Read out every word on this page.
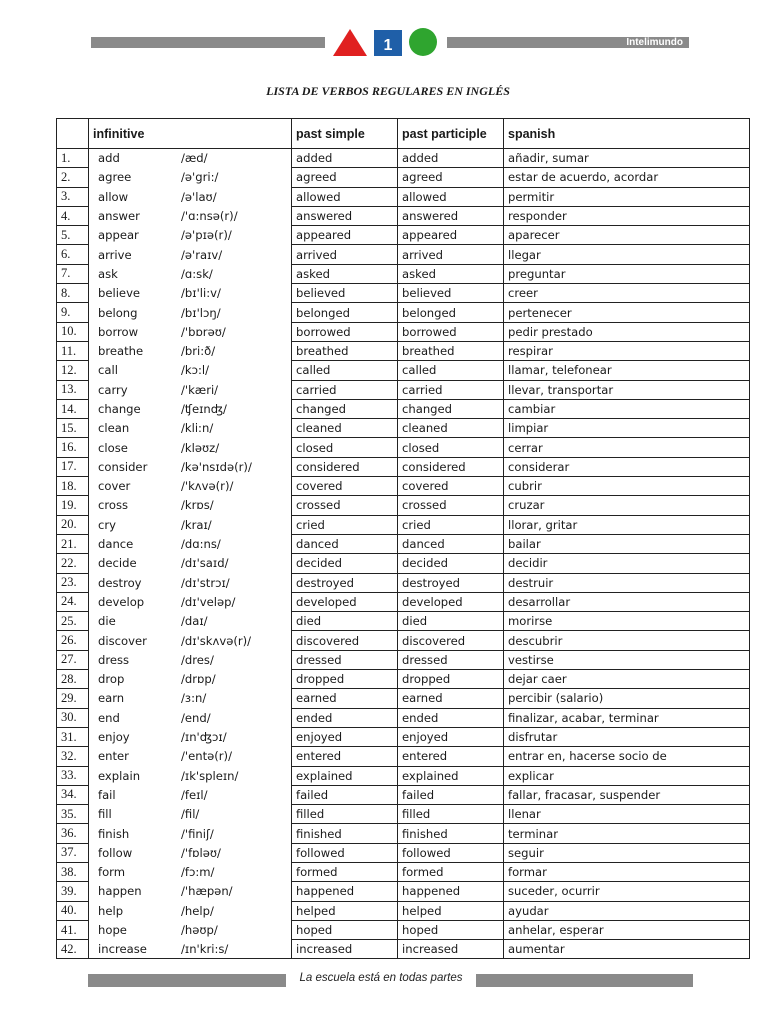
1	Intelimundo
LISTA DE VERBOS REGULARES EN INGLÉS
	infinitive	past simple	past participle	spanish
1.	add /æd/	added	added	añadir, sumar
2.	agree /ə'gri:/	agreed	agreed	estar de acuerdo, acordar
3.	allow /ə'laʊ/	allowed	allowed	permitir
4.	answer /'ɑ:nsə(r)/	answered	answered	responder
5.	appear /ə'pɪə(r)/	appeared	appeared	aparecer
6.	arrive /ə'raɪv/	arrived	arrived	llegar
7.	ask /ɑ:sk/	asked	asked	preguntar
8.	believe /bɪ'li:v/	believed	believed	creer
9.	belong /bɪ'lɔŋ/	belonged	belonged	pertenecer
10.	borrow /'bɒrəʊ/	borrowed	borrowed	pedir prestado
11.	breathe /bri:ð/	breathed	breathed	respirar
12.	call /kɔ:l/	called	called	llamar, telefonear
13.	carry /'kæri/	carried	carried	llevar, transportar
14.	change /ʧeɪnʤ/	changed	changed	cambiar
15.	clean /kli:n/	cleaned	cleaned	limpiar
16.	close /kləʊz/	closed	closed	cerrar
17.	consider /kə'nsɪdə(r)/	considered	considered	considerar
18.	cover /'kʌvə(r)/	covered	covered	cubrir
19.	cross /krɒs/	crossed	crossed	cruzar
20.	cry /kraɪ/	cried	cried	llorar, gritar
21.	dance /dɑ:ns/	danced	danced	bailar
22.	decide /dɪ'saɪd/	decided	decided	decidir
23.	destroy /dɪ'strɔɪ/	destroyed	destroyed	destruir
24.	develop /dɪ'veləp/	developed	developed	desarrollar
25.	die /daɪ/	died	died	morirse
26.	discover /dɪ'skʌvə(r)/	discovered	discovered	descubrir
27.	dress /dres/	dressed	dressed	vestirse
28.	drop /drɒp/	dropped	dropped	dejar caer
29.	earn /ɜ:n/	earned	earned	percibir (salario)
30.	end /end/	ended	ended	finalizar, acabar, terminar
31.	enjoy /ɪn'ʤɔɪ/	enjoyed	enjoyed	disfrutar
32.	enter /'entə(r)/	entered	entered	entrar en, hacerse socio de
33.	explain /ɪk'spleɪn/	explained	explained	explicar
34.	fail /feɪl/	failed	failed	fallar, fracasar, suspender
35.	fill /fil/	filled	filled	llenar
36.	finish /'finiʃ/	finished	finished	terminar
37.	follow /'fɒləʊ/	followed	followed	seguir
38.	form /fɔ:m/	formed	formed	formar
39.	happen /'hæpən/	happened	happened	suceder, ocurrir
40.	help /help/	helped	helped	ayudar
41.	hope /həʊp/	hoped	hoped	anhelar, esperar
42.	increase /ɪn'kri:s/	increased	increased	aumentar
La escuela está en todas partes
